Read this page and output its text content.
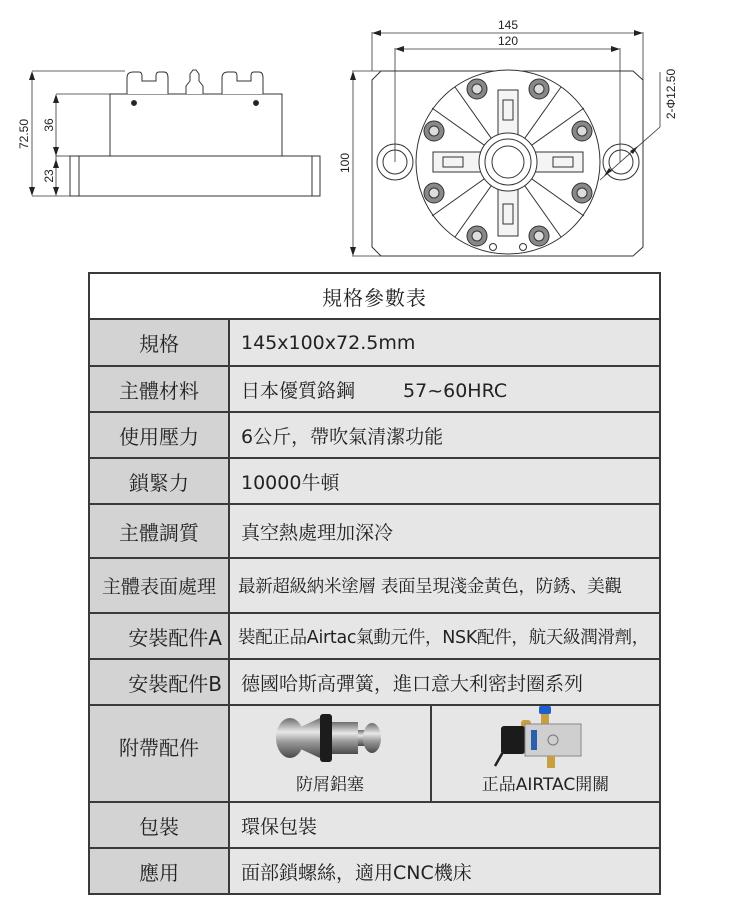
72.50 36
23
145
120
100
2-Φ12.50
規格參數表		
規格	145x100x72.5mm	
主體材料	日本優質鉻鋼 57~60HRC	
使用壓力	6公斤，帶吹氣清潔功能	
鎖緊力	10000牛頓	
主體調質	真空熱處理加深冷	
主體表面處理	最新超級納米塗層 表面呈現淺金黃色，防銹、美觀	
安裝配件A	裝配正品Airtac氣動元件，NSK配件，航天級潤滑劑，	
安裝配件B	德國哈斯高彈簧，進口意大利密封圈系列	
附帶配件	防屑鋁塞	正品AIRTAC開關

包裝	環保包裝	
應用	面部鎖螺絲，適用CNC機床	
